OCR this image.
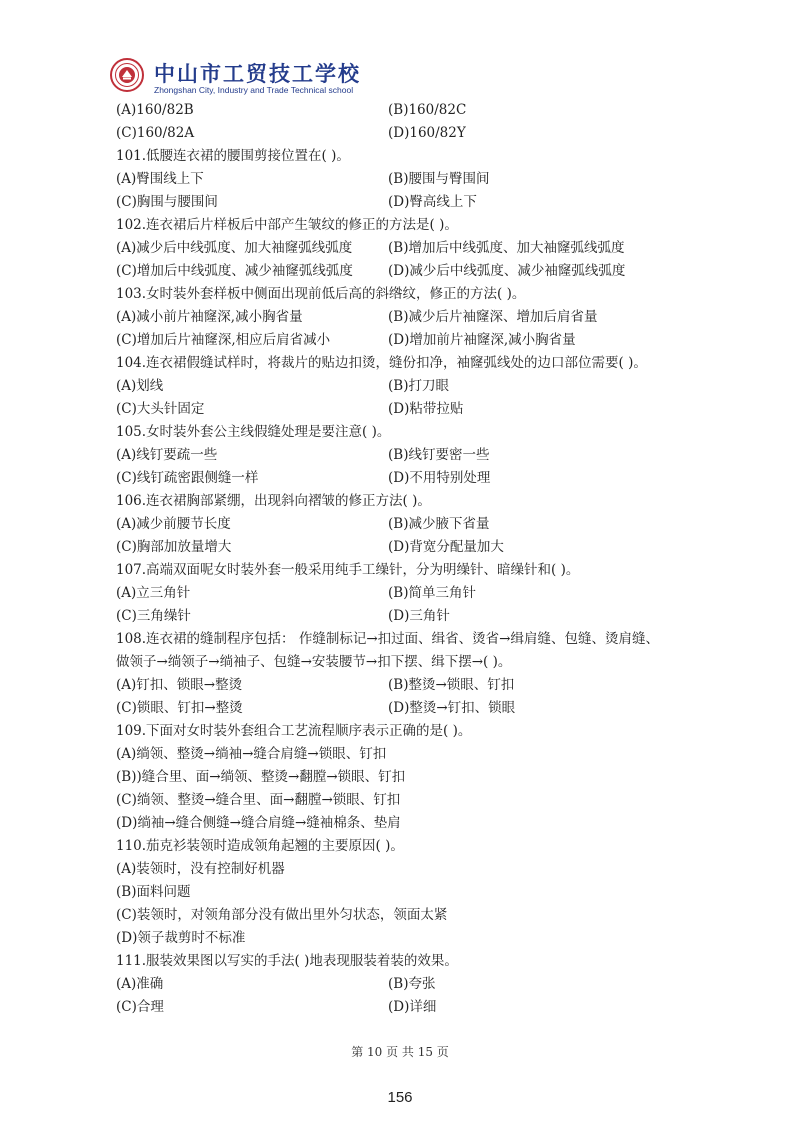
中山市工贸技工学校
Zhongshan City, Industry and Trade Technical school
(A)160/82B	(B)160/82C
(C)160/82A	(D)160/82Y
101.低腰连衣裙的腰围剪接位置在( )。
(A)臀围线上下	(B)腰围与臀围间
(C)胸围与腰围间	(D)臀高线上下
102.连衣裙后片样板后中部产生皱纹的修正的方法是( )。
(A)减少后中线弧度、加大袖窿弧线弧度	(B)增加后中线弧度、加大袖窿弧线弧度
(C)增加后中线弧度、减少袖窿弧线弧度	(D)减少后中线弧度、减少袖窿弧线弧度
103.女时装外套样板中侧面出现前低后高的斜绺纹，修正的方法( )。
(A)减小前片袖窿深,减小胸省量	(B)减少后片袖窿深、增加后肩省量
(C)增加后片袖窿深,相应后肩省减小	(D)增加前片袖窿深,减小胸省量
104.连衣裙假缝试样时，将裁片的贴边扣烫，缝份扣净，袖窿弧线处的边口部位需要( )。
(A)划线	(B)打刀眼
(C)大头针固定	(D)粘带拉贴
105.女时装外套公主线假缝处理是要注意( )。
(A)线钉要疏一些	(B)线钉要密一些
(C)线钉疏密跟侧缝一样	(D)不用特别处理
106.连衣裙胸部紧绷，出现斜向褶皱的修正方法( )。
(A)减少前腰节长度	(B)减少腋下省量
(C)胸部加放量增大	(D)背宽分配量加大
107.高端双面呢女时装外套一般采用纯手工缲针，分为明缲针、暗缲针和( )。
(A)立三角针	(B)简单三角针
(C)三角缲针	(D)三角针
108.连衣裙的缝制程序包括： 作缝制标记→扣过面、缉省、烫省→缉肩缝、包缝、烫肩缝、
做领子→绱领子→绱袖子、包缝→安装腰节→扣下摆、缉下摆→( )。
(A)钉扣、锁眼→整烫	(B)整烫→锁眼、钉扣
(C)锁眼、钉扣→整烫	(D)整烫→钉扣、锁眼
109.下面对女时装外套组合工艺流程顺序表示正确的是( )。
(A)绱领、整烫→绱袖→缝合肩缝→锁眼、钉扣
(B))缝合里、面→绱领、整烫→翻膛→锁眼、钉扣
(C)绱领、整烫→缝合里、面→翻膛→锁眼、钉扣
(D)绱袖→缝合侧缝→缝合肩缝→缝袖棉条、垫肩
110.茄克衫装领时造成领角起翘的主要原因( )。
(A)装领时，没有控制好机器
(B)面料问题
(C)装领时，对领角部分没有做出里外匀状态，领面太紧
(D)领子裁剪时不标准
111.服装效果图以写实的手法( )地表现服装着装的效果。
(A)准确	(B)夸张
(C)合理	(D)详细
第 10 页 共 15 页
156
